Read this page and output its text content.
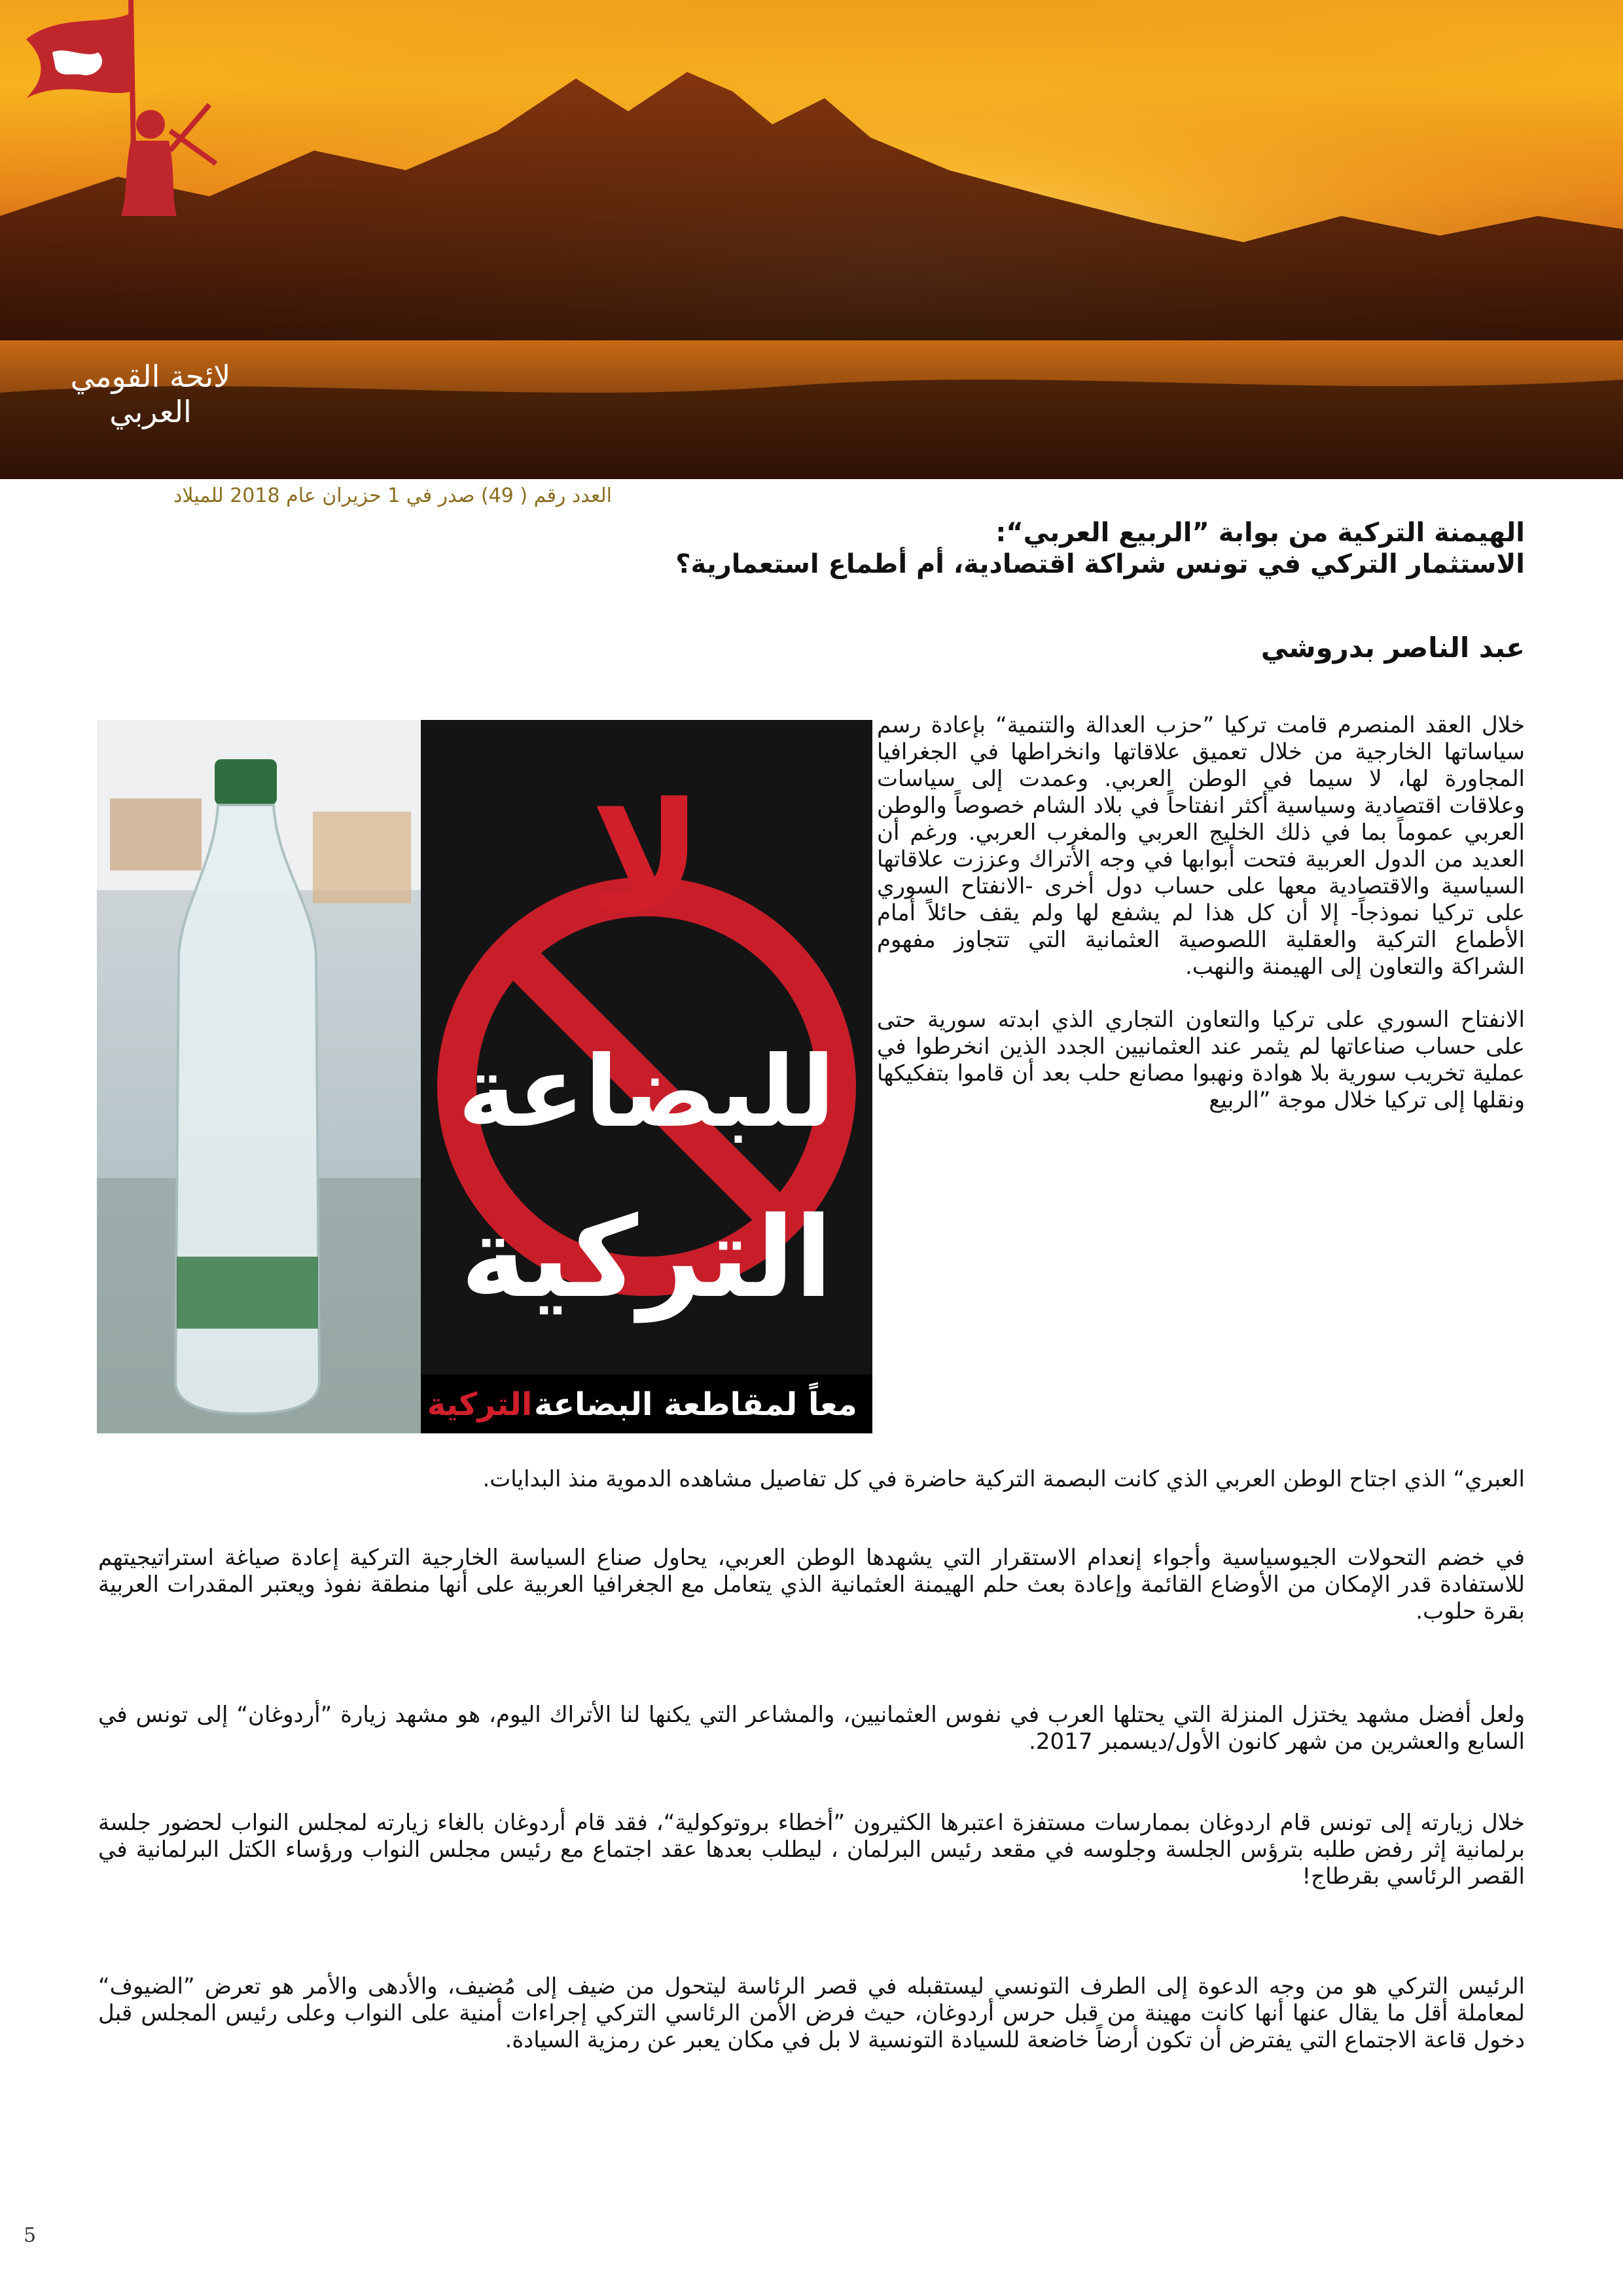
لائحة القومي العربي
العدد رقم ( 49) صدر في 1 حزيران عام 2018 للميلاد
الهيمنة التركية من بوابة ”الربيع العربي“:
الاستثمار التركي في تونس شراكة اقتصادية، أم أطماع استعمارية؟
عبد الناصر بدروشي
لا
للبضاعة
التركية
التركية معاً لمقاطعة البضاعة

خلال العقد المنصرم قامت تركيا ”حزب العدالة والتنمية“ بإعادة رسم سياساتها الخارجية من خلال تعميق علاقاتها وانخراطها في الجغرافيا المجاورة لها، لا سيما في الوطن العربي. وعمدت إلى سياسات وعلاقات اقتصادية وسياسية أكثر انفتاحاً في بلاد الشام خصوصاً والوطن العربي عموماً بما في ذلك الخليج العربي والمغرب العربي. ورغم أن العديد من الدول العربية فتحت أبوابها في وجه الأتراك وعززت علاقاتها السياسية والاقتصادية معها على حساب دول أخرى -الانفتاح السوري على تركيا نموذجاً- إلا أن كل هذا لم يشفع لها ولم يقف حائلاً أمام الأطماع التركية والعقلية اللصوصية العثمانية التي تتجاوز مفهوم الشراكة والتعاون إلى الهيمنة والنهب.

الانفتاح السوري على تركيا والتعاون التجاري الذي ابدته سورية حتى على حساب صناعاتها لم يثمر عند العثمانيين الجدد الذين انخرطوا في عملية تخريب سورية بلا هوادة ونهبوا مصانع حلب بعد أن قاموا بتفكيكها ونقلها إلى تركيا خلال موجة ”الربيع

العبري“ الذي اجتاح الوطن العربي الذي كانت البصمة التركية حاضرة في كل تفاصيل مشاهده الدموية منذ البدايات.
في خضم التحولات الجيوسياسية وأجواء إنعدام الاستقرار التي يشهدها الوطن العربي، يحاول صناع السياسة الخارجية التركية إعادة صياغة استراتيجيتهم للاستفادة قدر الإمكان من الأوضاع القائمة وإعادة بعث حلم الهيمنة العثمانية الذي يتعامل مع الجغرافيا العربية على أنها منطقة نفوذ ويعتبر المقدرات العربية بقرة حلوب.
ولعل أفضل مشهد يختزل المنزلة التي يحتلها العرب في نفوس العثمانيين، والمشاعر التي يكنها لنا الأتراك اليوم، هو مشهد زيارة ”أردوغان“ إلى تونس في السابع والعشرين من شهر كانون الأول/ديسمبر 2017.
خلال زيارته إلى تونس قام اردوغان بممارسات مستفزة اعتبرها الكثيرون ”أخطاء بروتوكولية“، فقد قام أردوغان بالغاء زيارته لمجلس النواب لحضور جلسة برلمانية إثر رفض طلبه بترؤس الجلسة وجلوسه في مقعد رئيس البرلمان ، ليطلب بعدها عقد اجتماع مع رئيس مجلس النواب ورؤساء الكتل البرلمانية في القصر الرئاسي بقرطاج!
الرئيس التركي هو من وجه الدعوة إلى الطرف التونسي ليستقبله في قصر الرئاسة ليتحول من ضيف إلى مُضيف، والأدهى والأمر هو تعرض ”الضيوف“ لمعاملة أقل ما يقال عنها أنها كانت مهينة من قبل حرس أردوغان، حيث فرض الأمن الرئاسي التركي إجراءات أمنية على النواب وعلى رئيس المجلس قبل دخول قاعة الاجتماع التي يفترض أن تكون أرضاً خاضعة للسيادة التونسية لا بل في مكان يعبر عن رمزية السيادة.
5
